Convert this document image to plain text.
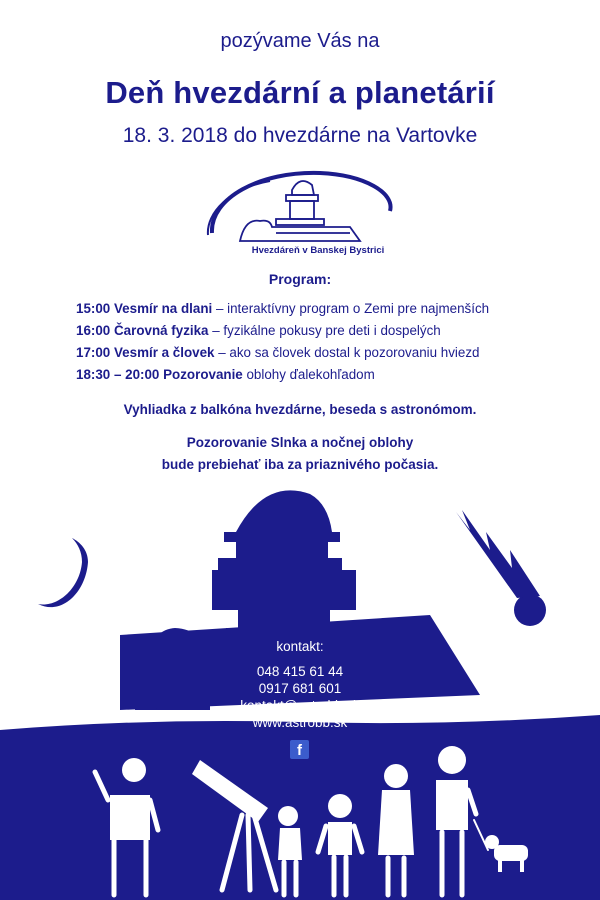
pozývame Vás na
Deň hvezdární a planetárií
18. 3. 2018 do hvezdárne na Vartovke
Hvezdáreň v Banskej Bystrici
Program:
15:00 Vesmír na dlani – interaktívny program o Zemi pre najmenších
16:00 Čarovná fyzika – fyzikálne pokusy pre deti i dospelých
17:00 Vesmír a človek – ako sa človek dostal k pozorovaniu hviezd
18:30 – 20:00 Pozorovanie oblohy ďalekohľadom
Vyhliadka z balkóna hvezdárne, beseda s astronómom.
Pozorovanie Slnka a nočnej oblohy
bude prebiehať iba za priaznivého počasia.
kontakt:
048 415 61 44
0917 681 601
kontakt@astrobb.sk
www.astrobb.sk
f
